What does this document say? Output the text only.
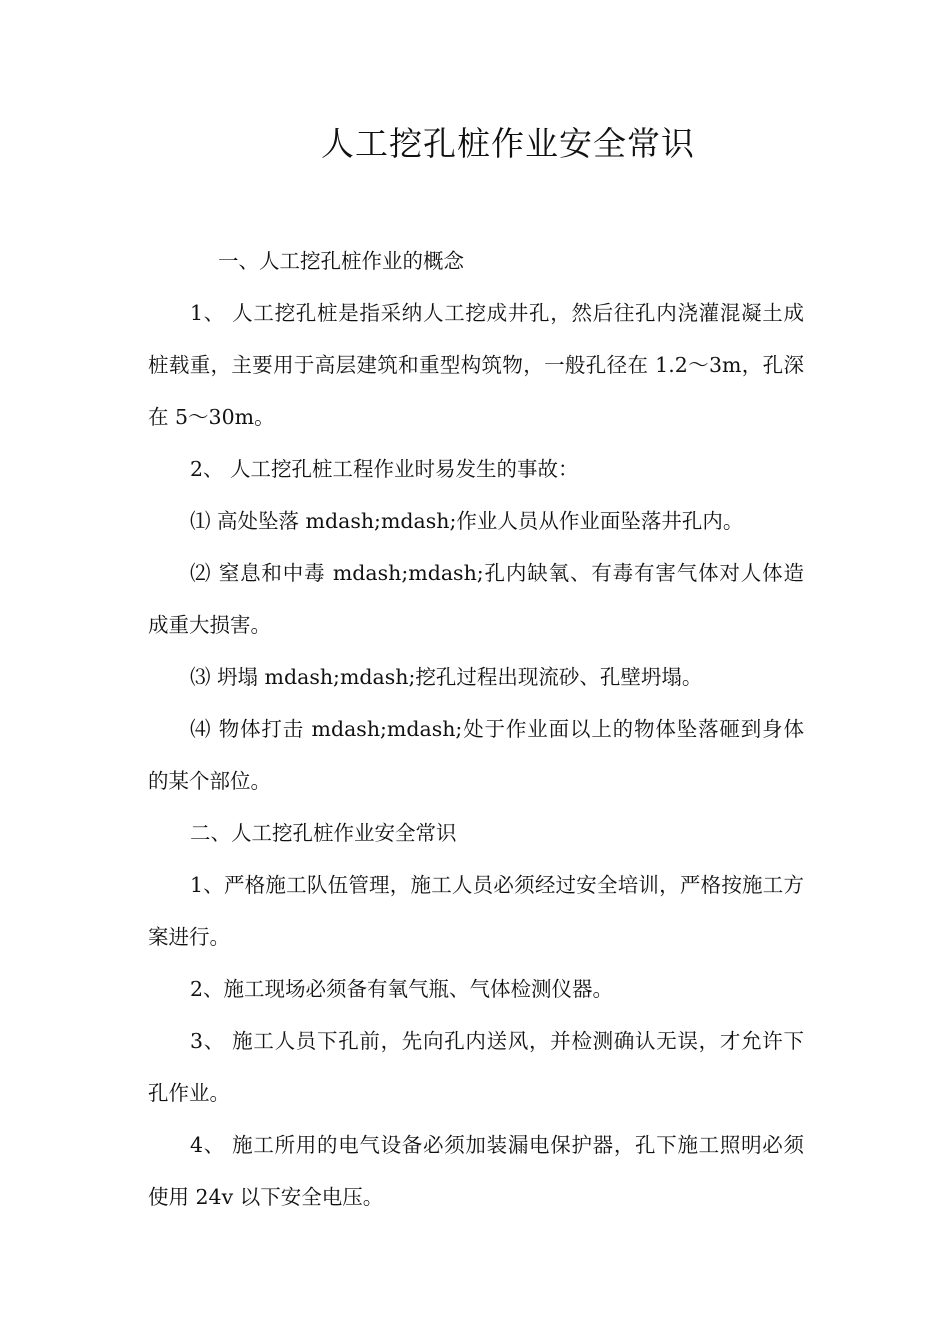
人工挖孔桩作业安全常识

一、人工挖孔桩作业的概念

1、 人工挖孔桩是指采纳人工挖成井孔，然后往孔内浇灌混凝土成桩载重，主要用于高层建筑和重型构筑物，一般孔径在 1.2～3m，孔深在 5～30m。

2、 人工挖孔桩工程作业时易发生的事故：

⑴ 高处坠落 mdash;mdash;作业人员从作业面坠落井孔内。

⑵ 窒息和中毒 mdash;mdash;孔内缺氧、有毒有害气体对人体造成重大损害。

⑶ 坍塌 mdash;mdash;挖孔过程出现流砂、孔壁坍塌。

⑷ 物体打击 mdash;mdash;处于作业面以上的物体坠落砸到身体的某个部位。

二、人工挖孔桩作业安全常识

1、严格施工队伍管理，施工人员必须经过安全培训，严格按施工方案进行。

2、施工现场必须备有氧气瓶、气体检测仪器。

3、 施工人员下孔前，先向孔内送风，并检测确认无误，才允许下孔作业。

4、 施工所用的电气设备必须加装漏电保护器，孔下施工照明必须使用 24v 以下安全电压。
